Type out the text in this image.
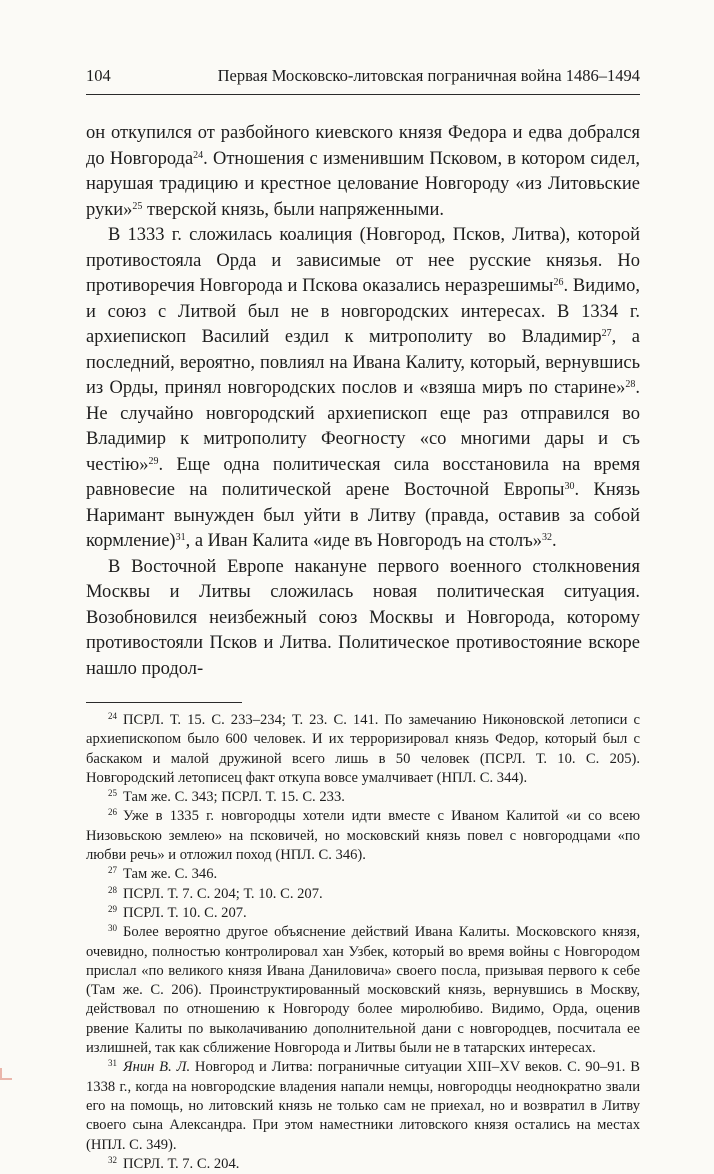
104	Первая Московско-литовская пограничная война 1486–1494

он откупился от разбойного киевского князя Федора и едва добрался до Новгорода$^{24}$. Отношения с изменившим Псковом, в котором сидел, нарушая традицию и крестное целование Новгороду «из Литовьские руки»$^{25}$ тверской князь, были напряженными.

В 1333 г. сложилась коалиция (Новгород, Псков, Литва), которой противостояла Орда и зависимые от нее русские князья. Но противоречия Новгорода и Пскова оказались неразрешимы$^{26}$. Видимо, и союз с Литвой был не в новгородских интересах. В 1334 г. архиепископ Василий ездил к митрополиту во Владимир$^{27}$, а последний, вероятно, повлиял на Ивана Калиту, который, вернувшись из Орды, принял новгородских послов и «взяша миръ по старине»$^{28}$. Не случайно новгородский архиепископ еще раз отправился во Владимир к митрополиту Феогносту «со многими дары и съ честію»$^{29}$. Еще одна политическая сила восстановила на время равновесие на политической арене Восточной Европы$^{30}$. Князь Наримант вынужден был уйти в Литву (правда, оставив за собой кормление)$^{31}$, а Иван Калита «иде въ Новгородъ на столъ»$^{32}$.

В Восточной Европе накануне первого военного столкновения Москвы и Литвы сложилась новая политическая ситуация. Возобновился неизбежный союз Москвы и Новгорода, которому противостояли Псков и Литва. Политическое противостояние вскоре нашло продол-

$^{24}$ ПСРЛ. Т. 15. С. 233–234; Т. 23. С. 141. По замечанию Никоновской летописи с архиепископом было 600 человек. И их терроризировал князь Федор, который был с баскаком и малой дружиной всего лишь в 50 человек (ПСРЛ. Т. 10. С. 205). Новгородский летописец факт откупа вовсе умалчивает (НПЛ. С. 344).

$^{25}$ Там же. С. 343; ПСРЛ. Т. 15. С. 233.

$^{26}$ Уже в 1335 г. новгородцы хотели идти вместе с Иваном Калитой «и со всею Низовьскою землею» на псковичей, но московский князь повел с новгородцами «по любви речь» и отложил поход (НПЛ. С. 346).

$^{27}$ Там же. С. 346.

$^{28}$ ПСРЛ. Т. 7. С. 204; Т. 10. С. 207.

$^{29}$ ПСРЛ. Т. 10. С. 207.

$^{30}$ Более вероятно другое объяснение действий Ивана Калиты. Московского князя, очевидно, полностью контролировал хан Узбек, который во время войны с Новгородом прислал «по великого князя Ивана Даниловича» своего посла, призывая первого к себе (Там же. С. 206). Проинструктированный московский князь, вернувшись в Москву, действовал по отношению к Новгороду более миролюбиво. Видимо, Орда, оценив рвение Калиты по выколачиванию дополнительной дани с новгородцев, посчитала ее излишней, так как сближение Новгорода и Литвы были не в татарских интересах.

$^{31}$ Янин В. Л. Новгород и Литва: пограничные ситуации XIII–XV веков. С. 90–91. В 1338 г., когда на новгородские владения напали немцы, новгородцы неоднократно звали его на помощь, но литовский князь не только сам не приехал, но и возвратил в Литву своего сына Александра. При этом наместники литовского князя остались на местах (НПЛ. С. 349).

$^{32}$ ПСРЛ. Т. 7. С. 204.
